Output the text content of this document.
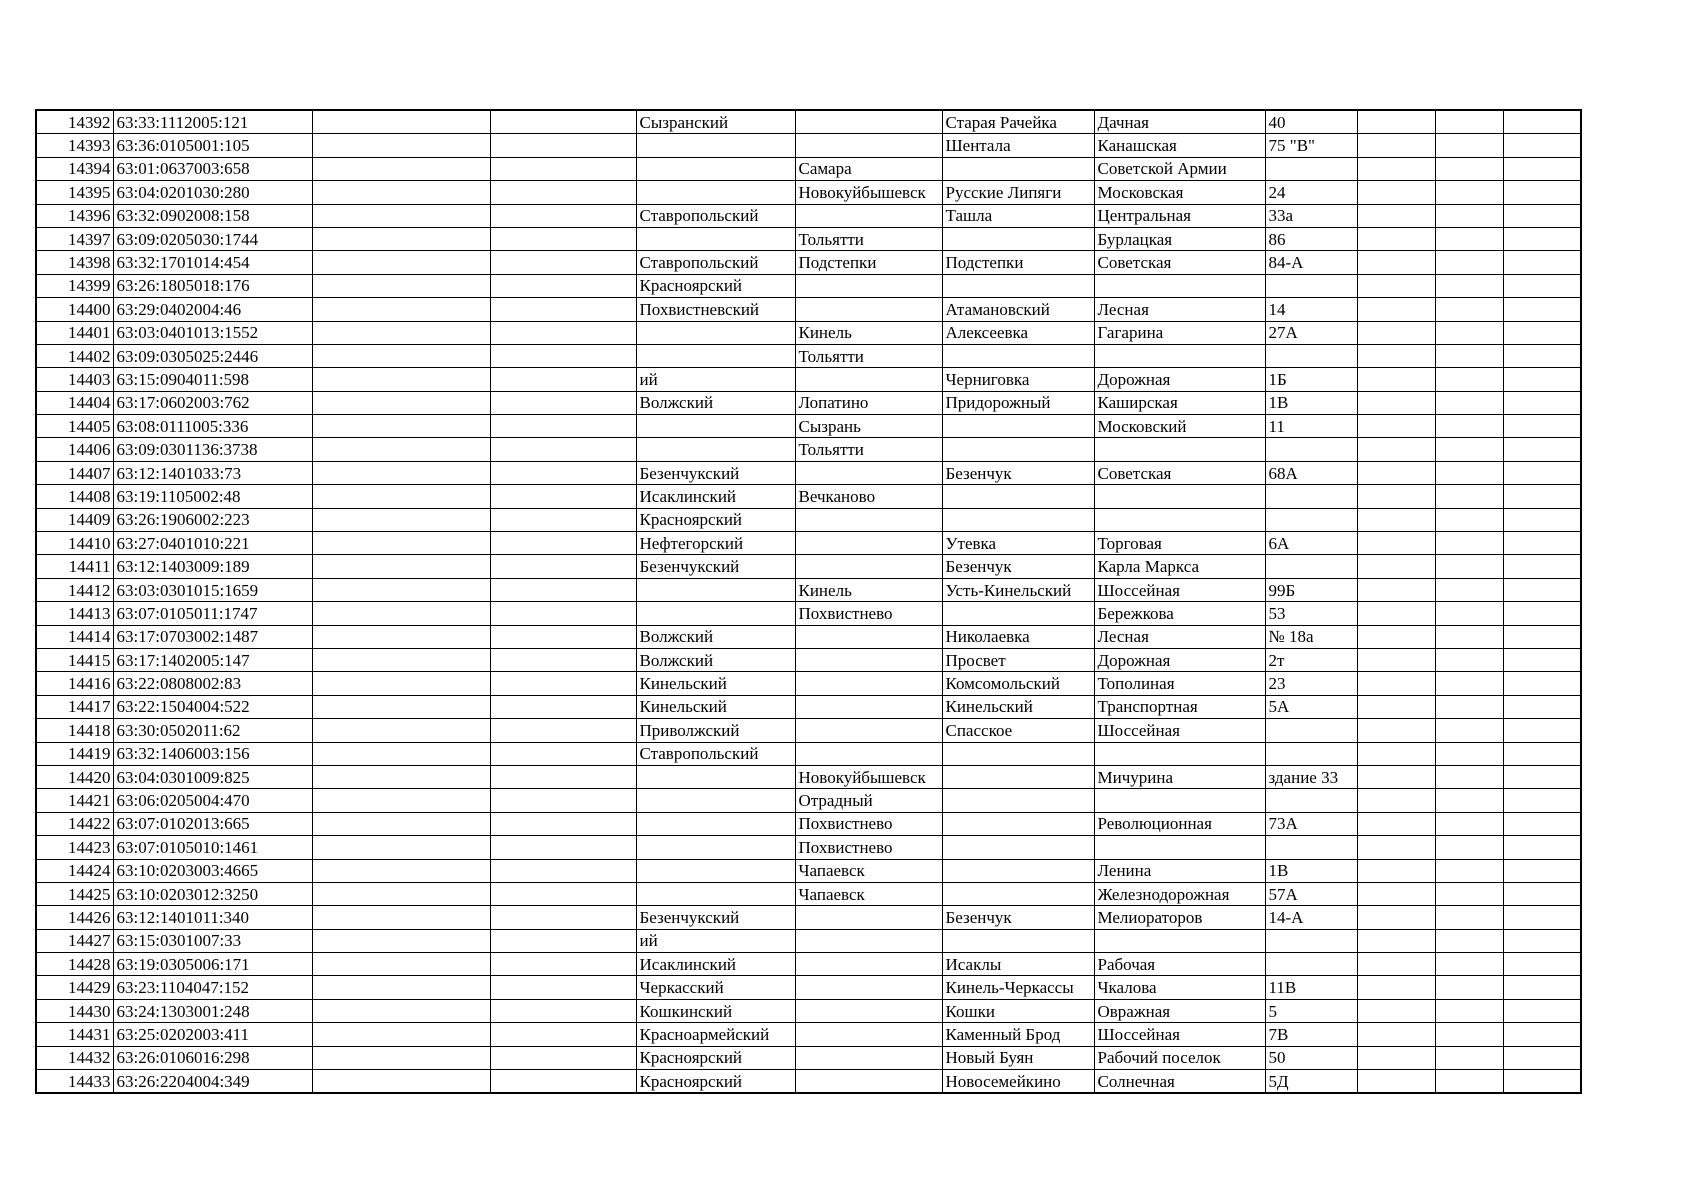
14392	63:33:1112005:121			Сызранский		Старая Рачейка	Дачная	40			
14393	63:36:0105001:105					Шентала	Канашская	75 "В"			
14394	63:01:0637003:658				Самара		Советской Армии				
14395	63:04:0201030:280				Новокуйбышевск	Русские Липяги	Московская	24			
14396	63:32:0902008:158			Ставропольский		Ташла	Центральная	33а			
14397	63:09:0205030:1744				Тольятти		Бурлацкая	86			
14398	63:32:1701014:454			Ставропольский	Подстепки	Подстепки	Советская	84-А			
14399	63:26:1805018:176			Красноярский							
14400	63:29:0402004:46			Похвистневский		Атамановский	Лесная	14			
14401	63:03:0401013:1552				Кинель	Алексеевка	Гагарина	27А			
14402	63:09:0305025:2446				Тольятти						
14403	63:15:0904011:598			ий		Черниговка	Дорожная	1Б			
14404	63:17:0602003:762			Волжский	Лопатино	Придорожный	Каширская	1В			
14405	63:08:0111005:336				Сызрань		Московский	11			
14406	63:09:0301136:3738				Тольятти						
14407	63:12:1401033:73			Безенчукский		Безенчук	Советская	68А			
14408	63:19:1105002:48			Исаклинский	Вечканово						
14409	63:26:1906002:223			Красноярский							
14410	63:27:0401010:221			Нефтегорский		Утевка	Торговая	6А			
14411	63:12:1403009:189			Безенчукский		Безенчук	Карла Маркса				
14412	63:03:0301015:1659				Кинель	Усть-Кинельский	Шоссейная	99Б			
14413	63:07:0105011:1747				Похвистнево		Бережкова	53			
14414	63:17:0703002:1487			Волжский		Николаевка	Лесная	№ 18а			
14415	63:17:1402005:147			Волжский		Просвет	Дорожная	2т			
14416	63:22:0808002:83			Кинельский		Комсомольский	Тополиная	23			
14417	63:22:1504004:522			Кинельский		Кинельский	Транспортная	5А			
14418	63:30:0502011:62			Приволжский		Спасское	Шоссейная				
14419	63:32:1406003:156			Ставропольский							
14420	63:04:0301009:825				Новокуйбышевск		Мичурина	здание 33			
14421	63:06:0205004:470				Отрадный						
14422	63:07:0102013:665				Похвистнево		Революционная	73А			
14423	63:07:0105010:1461				Похвистнево						
14424	63:10:0203003:4665				Чапаевск		Ленина	1В			
14425	63:10:0203012:3250				Чапаевск		Железнодорожная	57А			
14426	63:12:1401011:340			Безенчукский		Безенчук	Мелиораторов	14-А			
14427	63:15:0301007:33			ий							
14428	63:19:0305006:171			Исаклинский		Исаклы	Рабочая				
14429	63:23:1104047:152			Черкасский		Кинель-Черкассы	Чкалова	11В			
14430	63:24:1303001:248			Кошкинский		Кошки	Овражная	5			
14431	63:25:0202003:411			Красноармейский		Каменный Брод	Шоссейная	7В			
14432	63:26:0106016:298			Красноярский		Новый Буян	Рабочий поселок	50			
14433	63:26:2204004:349			Красноярский		Новосемейкино	Солнечная	5Д			
